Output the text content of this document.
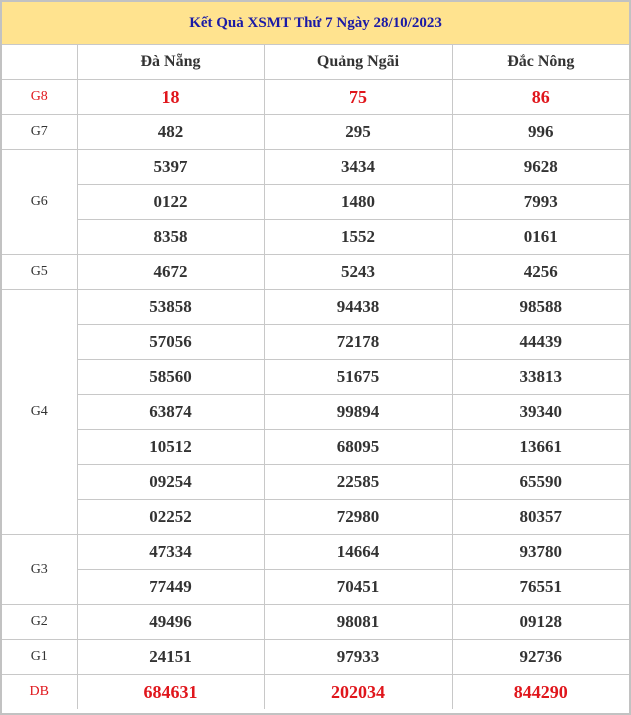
Kết Quả XSMT Thứ 7 Ngày 28/10/2023			
	Đà Nẵng	Quảng Ngãi	Đắc Nông
G8	18	75	86
G7	482	295	996
G6	5397	3434	9628
	0122	1480	7993
	8358	1552	0161
G5	4672	5243	4256
G4	53858	94438	98588
	57056	72178	44439
	58560	51675	33813
	63874	99894	39340
	10512	68095	13661
	09254	22585	65590
	02252	72980	80357
G3	47334	14664	93780
	77449	70451	76551
G2	49496	98081	09128
G1	24151	97933	92736
DB	684631	202034	844290
